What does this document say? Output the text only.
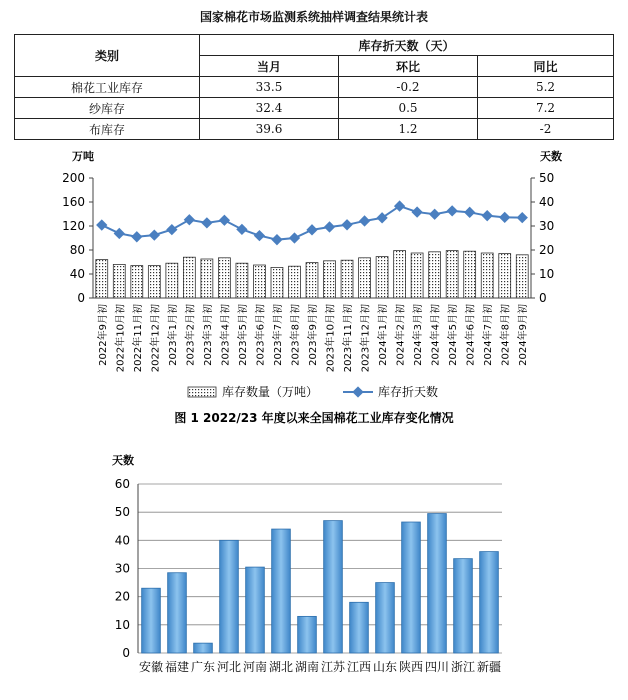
国家棉花市场监测系统抽样调查结果统计表
类别	库存折天数（天）		
	当月	环比	同比
棉花工业库存	33.5	-0.2	5.2
纱库存	32.4	0.5	7.2
布库存	39.6	1.2	-2
万吨	天数
0
40
80
120
160
200
0
10
20
30
40
50
2022年9月初 2022年10月初 2022年11月初 2022年12月初 2023年1月初 2023年2月初 2023年3月初 2023年4月初 2023年5月初 2023年6月初 2023年7月初 2023年8月初 2023年9月初 2023年10月初 2023年11月初 2023年12月初 2024年1月初 2024年2月初 2024年3月初 2024年4月初 2024年5月初 2024年6月初 2024年7月初 2024年8月初 2024年9月初
库存数量（万吨）	库存折天数
图 1 2022/23 年度以来全国棉花工业库存变化情况
天数
0
10
20
30
40
50
60
安徽 福建 广东 河北 河南 湖北 湖南 江苏 江西 山东 陕西 四川 浙江 新疆
